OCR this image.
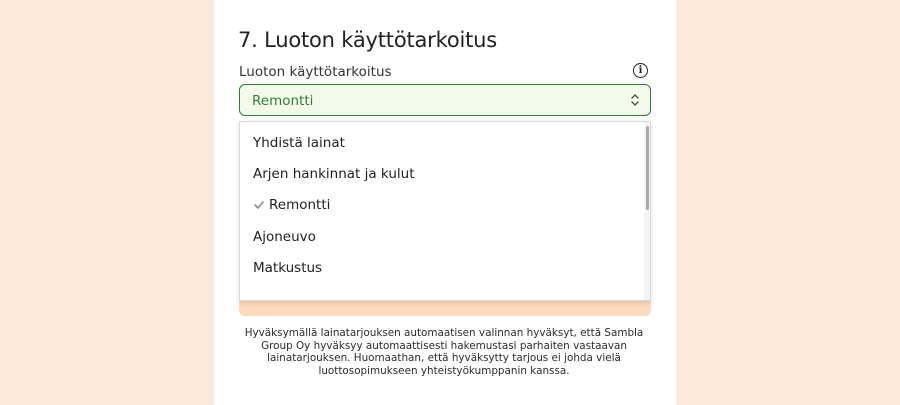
7. Luoton käyttötarkoitus
Luoton käyttötarkoitus	i
Remontti
Yhdistä lainat
Arjen hankinnat ja kulut
Remontti
Ajoneuvo
Matkustus
Hyväksymällä lainatarjouksen automaatisen valinnan hyväksyt, että Sambla Group Oy hyväksyy automaattisesti hakemustasi parhaiten vastaavan lainatarjouksen. Huomaathan, että hyväksytty tarjous ei johda vielä luottosopimukseen yhteistyökumppanin kanssa.
